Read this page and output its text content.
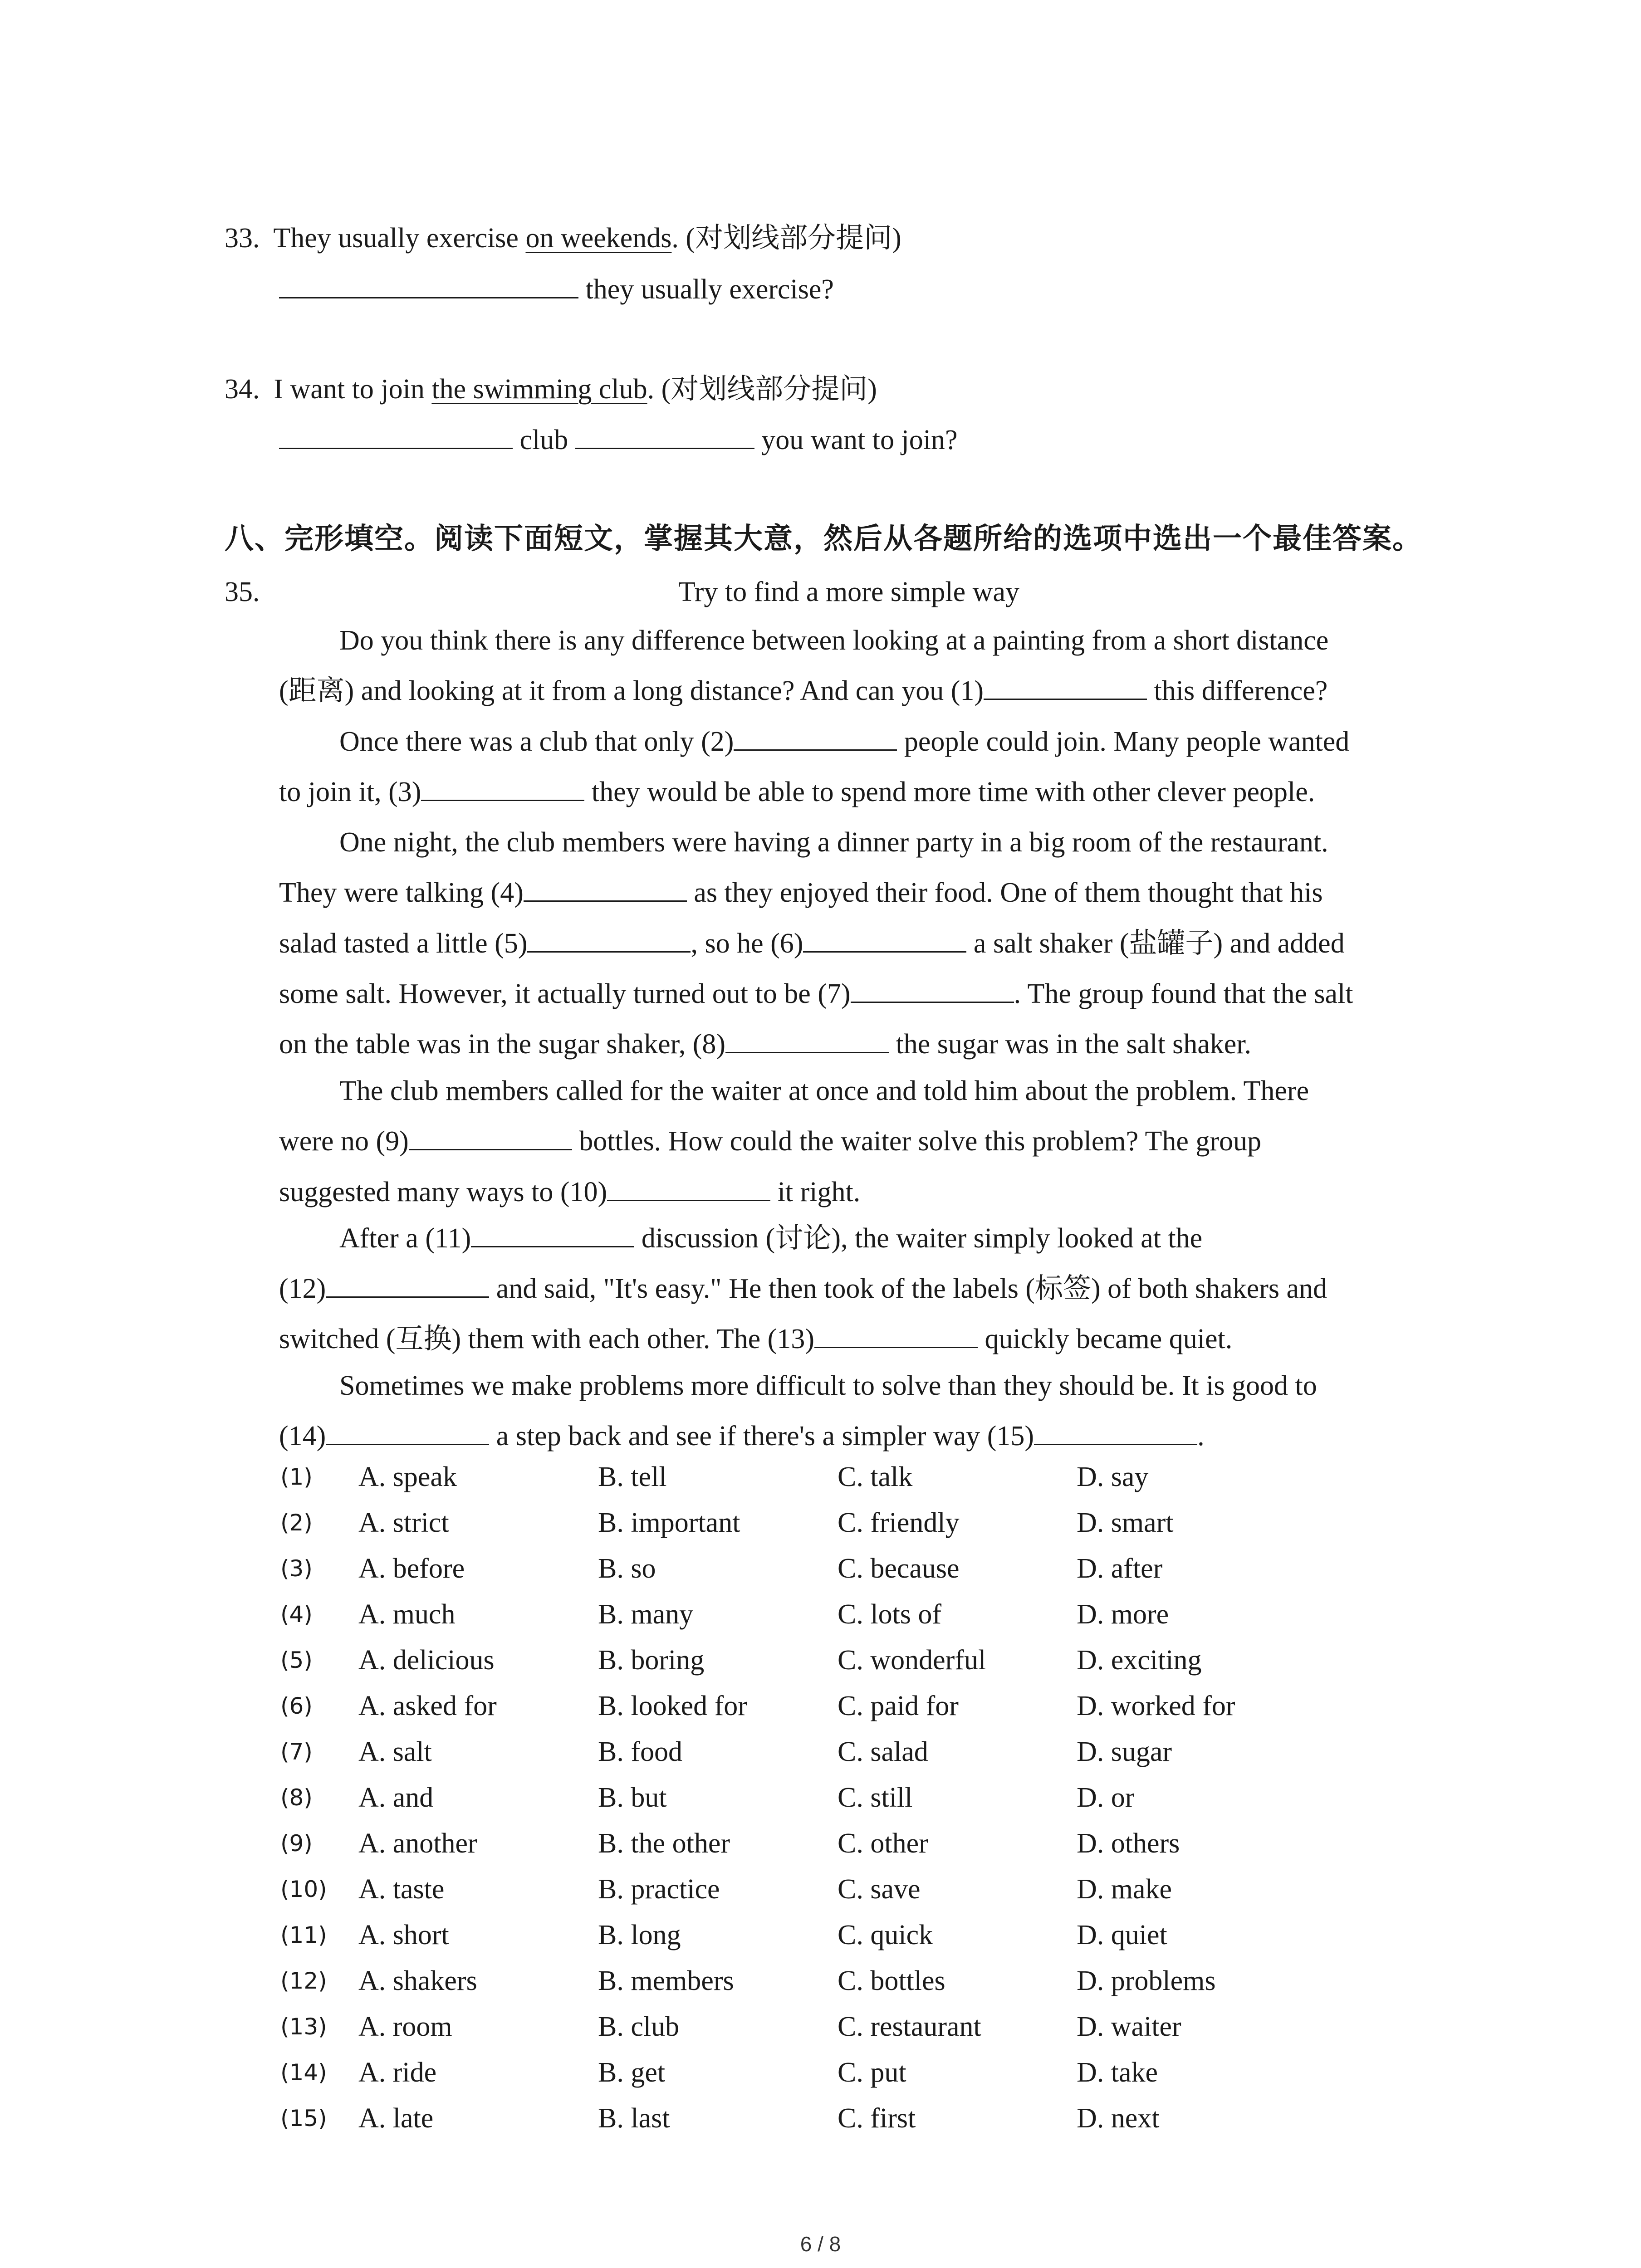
33. They usually exercise on weekends. (对划线部分提问)
they usually exercise?
34. I want to join the swimming club. (对划线部分提问)
club	you want to join?
八、完形填空。阅读下面短文，掌握其大意，然后从各题所给的选项中选出一个最佳答案。
35.	Try to find a more simple way
Do you think there is any difference between looking at a painting from a short distance
(距离) and looking at it from a long distance? And can you (1)	this difference?
Once there was a club that only (2)	people could join. Many people wanted
to join it, (3)	they would be able to spend more time with other clever people.
One night, the club members were having a dinner party in a big room of the restaurant.
They were talking (4)	as they enjoyed their food. One of them thought that his
salad tasted a little (5)	, so he (6)	a salt shaker (盐罐子) and added
some salt. However, it actually turned out to be (7)	. The group found that the salt
on the table was in the sugar shaker, (8)	the sugar was in the salt shaker.
The club members called for the waiter at once and told him about the problem. There
were no (9)	bottles. How could the waiter solve this problem? The group
suggested many ways to (10)	it right.
After a (11)	discussion (讨论), the waiter simply looked at the
(12)	and said, "It's easy." He then took of the labels (标签) of both shakers and
switched (互换) them with each other. The (13)	quickly became quiet.
Sometimes we make problems more difficult to solve than they should be. It is good to
(14)	a step back and see if there's a simpler way (15)	.
(1) A. speak	B. tell	C. talk	D. say
(2) A. strict	B. important	C. friendly	D. smart
(3) A. before	B. so	C. because	D. after
(4) A. much	B. many	C. lots of	D. more
(5) A. delicious	B. boring	C. wonderful	D. exciting
(6) A. asked for	B. looked for	C. paid for	D. worked for
(7) A. salt	B. food	C. salad	D. sugar
(8) A. and	B. but	C. still	D. or
(9) A. another	B. the other	C. other	D. others
(10) A. taste	B. practice	C. save	D. make
(11) A. short	B. long	C. quick	D. quiet
(12) A. shakers	B. members	C. bottles	D. problems
(13) A. room	B. club	C. restaurant	D. waiter
(14) A. ride	B. get	C. put	D. take
(15) A. late	B. last	C. first	D. next
6 / 8
